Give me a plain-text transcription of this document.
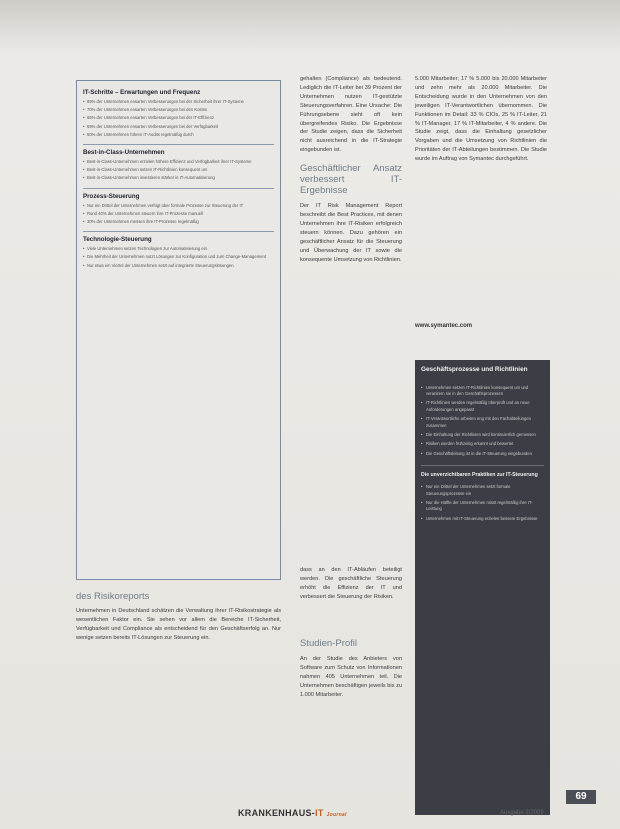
IT-Schritte – Erwartungen und Frequenz
• 89% der Unternehmen erwarten Verbesserungen bei der Sicherheit ihrer IT-Systeme
• 70% der Unternehmen erwarten Verbesserungen bei den Kosten
• 66% der Unternehmen erwarten Verbesserungen bei der IT-Effizienz
• 69% der Unternehmen erwarten Verbesserungen bei der Verfügbarkeit
• 50% der Unternehmen führen IT-Audits regelmäßig durch
Best-in-Class-Unternehmen
• Best-in-Class-Unternehmen erzielen höhere Effizienz und Verfügbarkeit ihrer IT-Systeme
• Best-in-Class-Unternehmen setzen IT-Richtlinien konsequent um
• Best-in-Class-Unternehmen investieren stärker in IT-Automatisierung
Prozess-Steuerung
• Nur ein Drittel der Unternehmen verfügt über formale Prozesse zur Steuerung der IT
• Rund 40% der Unternehmen steuern ihre IT-Prozesse manuell
• 30% der Unternehmen messen ihre IT-Prozesse regelmäßig
Technologie-Steuerung
• Viele Unternehmen setzen Technologien zur Automatisierung ein
• Die Mehrheit der Unternehmen nutzt Lösungen zur Konfiguration und zum Change-Management
• Nur etwa ein Viertel der Unternehmen setzt auf integrierte Steuerungslösungen

gehalten (Compliance) als bedeutend. Lediglich die IT-Leiter bei 39 Prozent der Unternehmen nutzen IT-gestützte Steuerungsverfahren. Eine Ursache: Die Führungsebene sieht oft kein übergreifendes Risiko. Die Ergebnisse der Studie zeigen, dass die Sicherheit nicht ausreichend in die IT-Strategie eingebunden ist.

Geschäftlicher Ansatz verbessert IT-Ergebnisse

Der IT Risk Management Report beschreibt die Best Practices, mit denen Unternehmen ihre IT-Risiken erfolgreich steuern können. Dazu gehören ein geschäftlicher Ansatz für die Steuerung und Überwachung der IT sowie die konsequente Umsetzung von Richtlinien.

dass an den IT-Abläufen beteiligt werden. Die geschäftliche Steuerung erhöht die Effizienz der IT und verbessert die Steuerung der Risiken.

Studien-Profil

An der Studie des Anbieters von Software zum Schutz von Informationen nahmen 405 Unternehmen teil. Die Unternehmen beschäftigen jeweils bis zu 1.000 Mitarbeiter.

des Risikoreports

Unternehmen in Deutschland schätzen die Verwaltung ihrer IT-Risikostrategie als wesentlichen Faktor ein. Sie sehen vor allem die Bereiche IT-Sicherheit, Verfügbarkeit und Compliance als entscheidend für den Geschäftserfolg an. Nur wenige setzen bereits IT-Lösungen zur Steuerung ein.

5.000 Mitarbeiter; 17 % 5.000 bis 20.000 Mitarbeiter und zehn mehr als 20.000 Mitarbeiter. Die Entscheidung wurde in den Unternehmen von den jeweiligen IT-Verantwortlichen übernommen. Die Funktionen im Detail: 33 % CIOs, 25 % IT-Leiter, 21 % IT-Manager, 17 % IT-Mitarbeiter, 4 % andere. Die Studie zeigt, dass die Einhaltung gesetzlicher Vorgaben und die Umsetzung von Richtlinien die Prioritäten der IT-Abteilungen bestimmen. Die Studie wurde im Auftrag von Symantec durchgeführt.

www.symantec.com
Geschäftsprozesse und Richtlinien
• Unternehmen setzen IT-Richtlinien konsequent um und verankern sie in den Geschäftsprozessen
• IT-Richtlinien werden regelmäßig überprüft und an neue Anforderungen angepasst
• IT-Verantwortliche arbeiten eng mit den Fachabteilungen zusammen
• Die Einhaltung der Richtlinien wird kontinuierlich gemessen
• Risiken werden frühzeitig erkannt und bewertet
• Die Geschäftsleitung ist in die IT-Steuerung eingebunden
Die unverzichtbaren Praktiken zur IT-Steuerung
• Nur ein Drittel der Unternehmen setzt formale Steuerungsprozesse ein
• Nur die Hälfte der Unternehmen misst regelmäßig ihre IT-Leistung
• Unternehmen mit IT-Steuerung erzielen bessere Ergebnisse
69
KRANKENHAUS-IT Journal	Ausgabe 2/2009
